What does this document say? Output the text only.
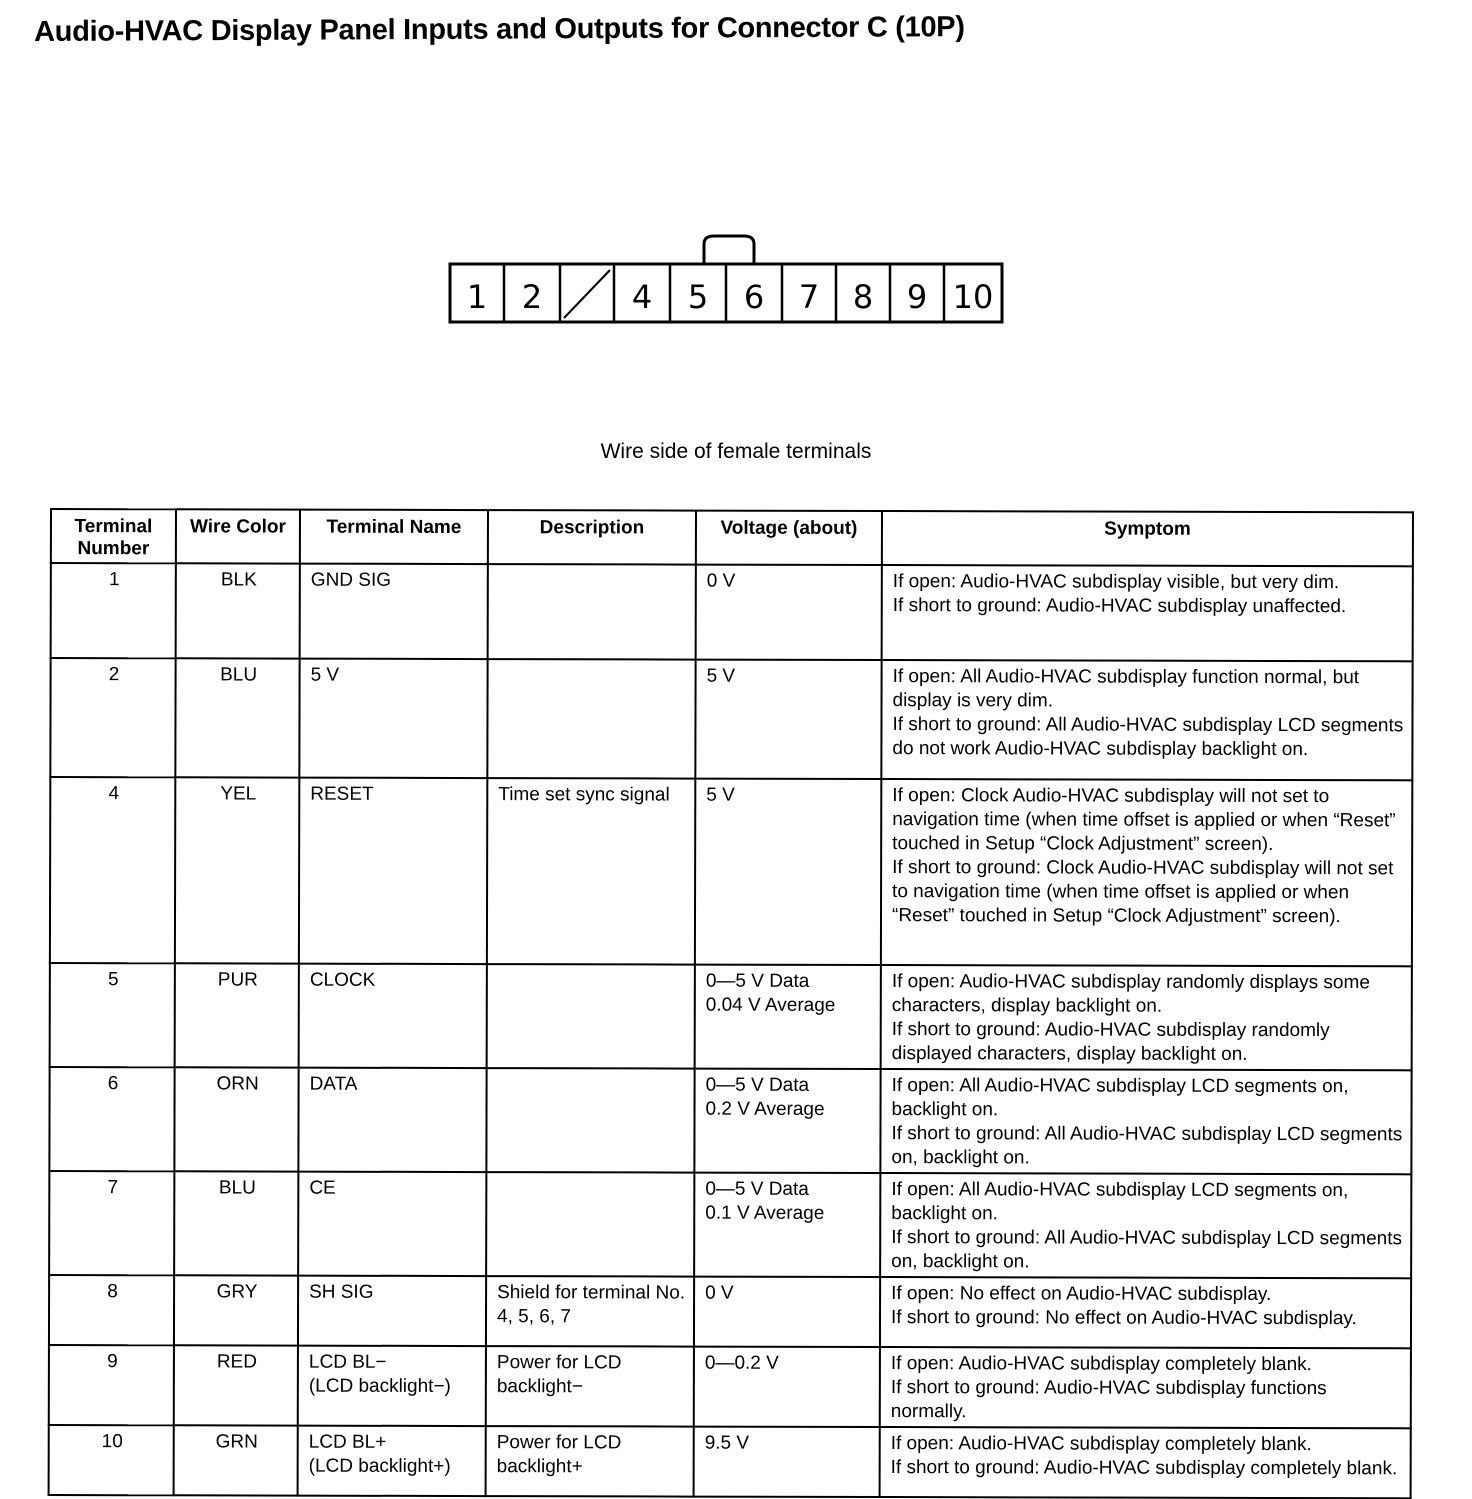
Audio-HVAC Display Panel Inputs and Outputs for Connector C (10P)
1	2	4	5	6	7	8	9 10
Wire side of female terminals
Terminal Number	Wire Color	Terminal Name	Description	Voltage (about)	Symptom
1	BLK	GND SIG		0 V	If open: Audio-HVAC subdisplay visible, but very dim.
If short to ground: Audio-HVAC subdisplay unaffected.

2	BLU	5 V		5 V	If open: All Audio-HVAC subdisplay function normal, but display is very dim.
If short to ground: All Audio-HVAC subdisplay LCD segments do not work Audio-HVAC subdisplay backlight on.

4	YEL	RESET	Time set sync signal	5 V	If open: Clock Audio-HVAC subdisplay will not set to navigation time (when time offset is applied or when “Reset” touched in Setup “Clock Adjustment” screen).
If short to ground: Clock Audio-HVAC subdisplay will not set to navigation time (when time offset is applied or when “Reset” touched in Setup “Clock Adjustment” screen).

5	PUR	CLOCK		0—5 V Data
0.04 V Average	If open: Audio-HVAC subdisplay randomly displays some characters, display backlight on.
If short to ground: Audio-HVAC subdisplay randomly displayed characters, display backlight on.

6	ORN	DATA		0—5 V Data
0.2 V Average	If open: All Audio-HVAC subdisplay LCD segments on, backlight on.
If short to ground: All Audio-HVAC subdisplay LCD segments on, backlight on.

7	BLU	CE		0—5 V Data
0.1 V Average	If open: All Audio-HVAC subdisplay LCD segments on, backlight on.
If short to ground: All Audio-HVAC subdisplay LCD segments on, backlight on.

8	GRY	SH SIG	Shield for terminal No. 4, 5, 6, 7	0 V	If open: No effect on Audio-HVAC subdisplay.
If short to ground: No effect on Audio-HVAC subdisplay.

9	RED	LCD BL−
(LCD backlight−)	Power for LCD backlight−	0—0.2 V	If open: Audio-HVAC subdisplay completely blank.
If short to ground: Audio-HVAC subdisplay functions normally.

10	GRN	LCD BL+
(LCD backlight+)	Power for LCD backlight+	9.5 V	If open: Audio-HVAC subdisplay completely blank.
If short to ground: Audio-HVAC subdisplay completely blank.
